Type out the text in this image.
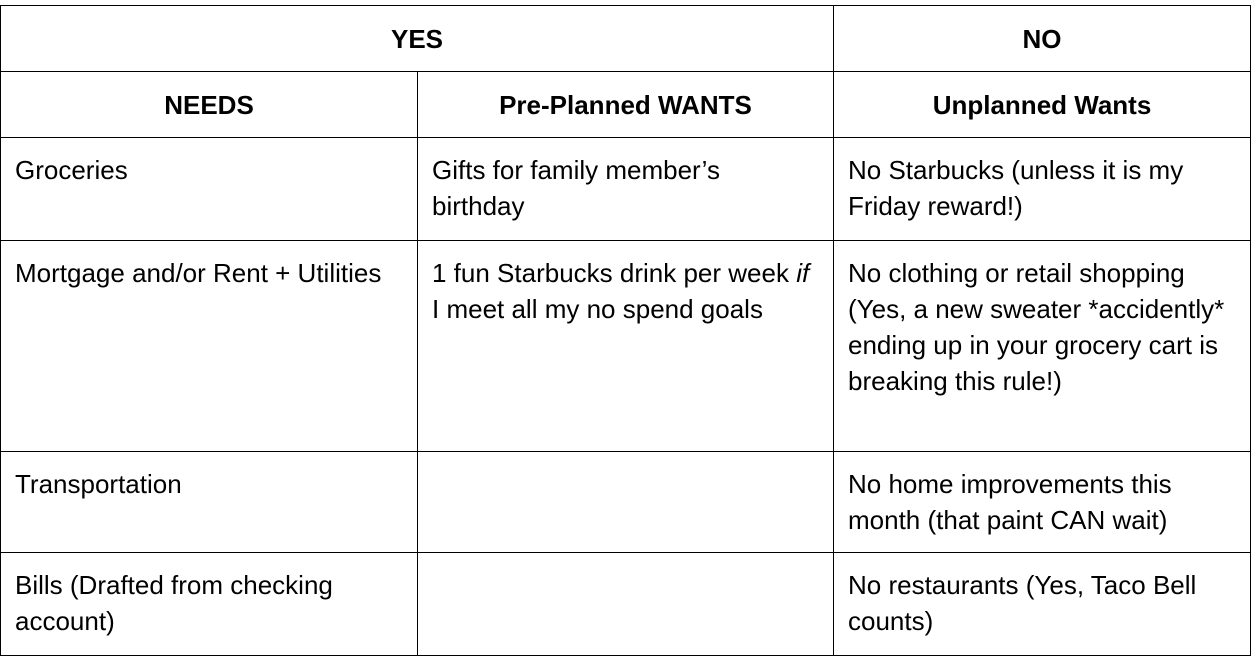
YES		NO
NEEDS	Pre-Planned WANTS	Unplanned Wants
Groceries	Gifts for family member’s birthday	No Starbucks (unless it is my Friday reward!)
Mortgage and/or Rent + Utilities	1 fun Starbucks drink per week if I meet all my no spend goals	No clothing or retail shopping (Yes, a new sweater *accidently* ending up in your grocery cart is breaking this rule!)
Transportation		No home improvements this month (that paint CAN wait)
Bills (Drafted from checking account)		No restaurants (Yes, Taco Bell counts)
